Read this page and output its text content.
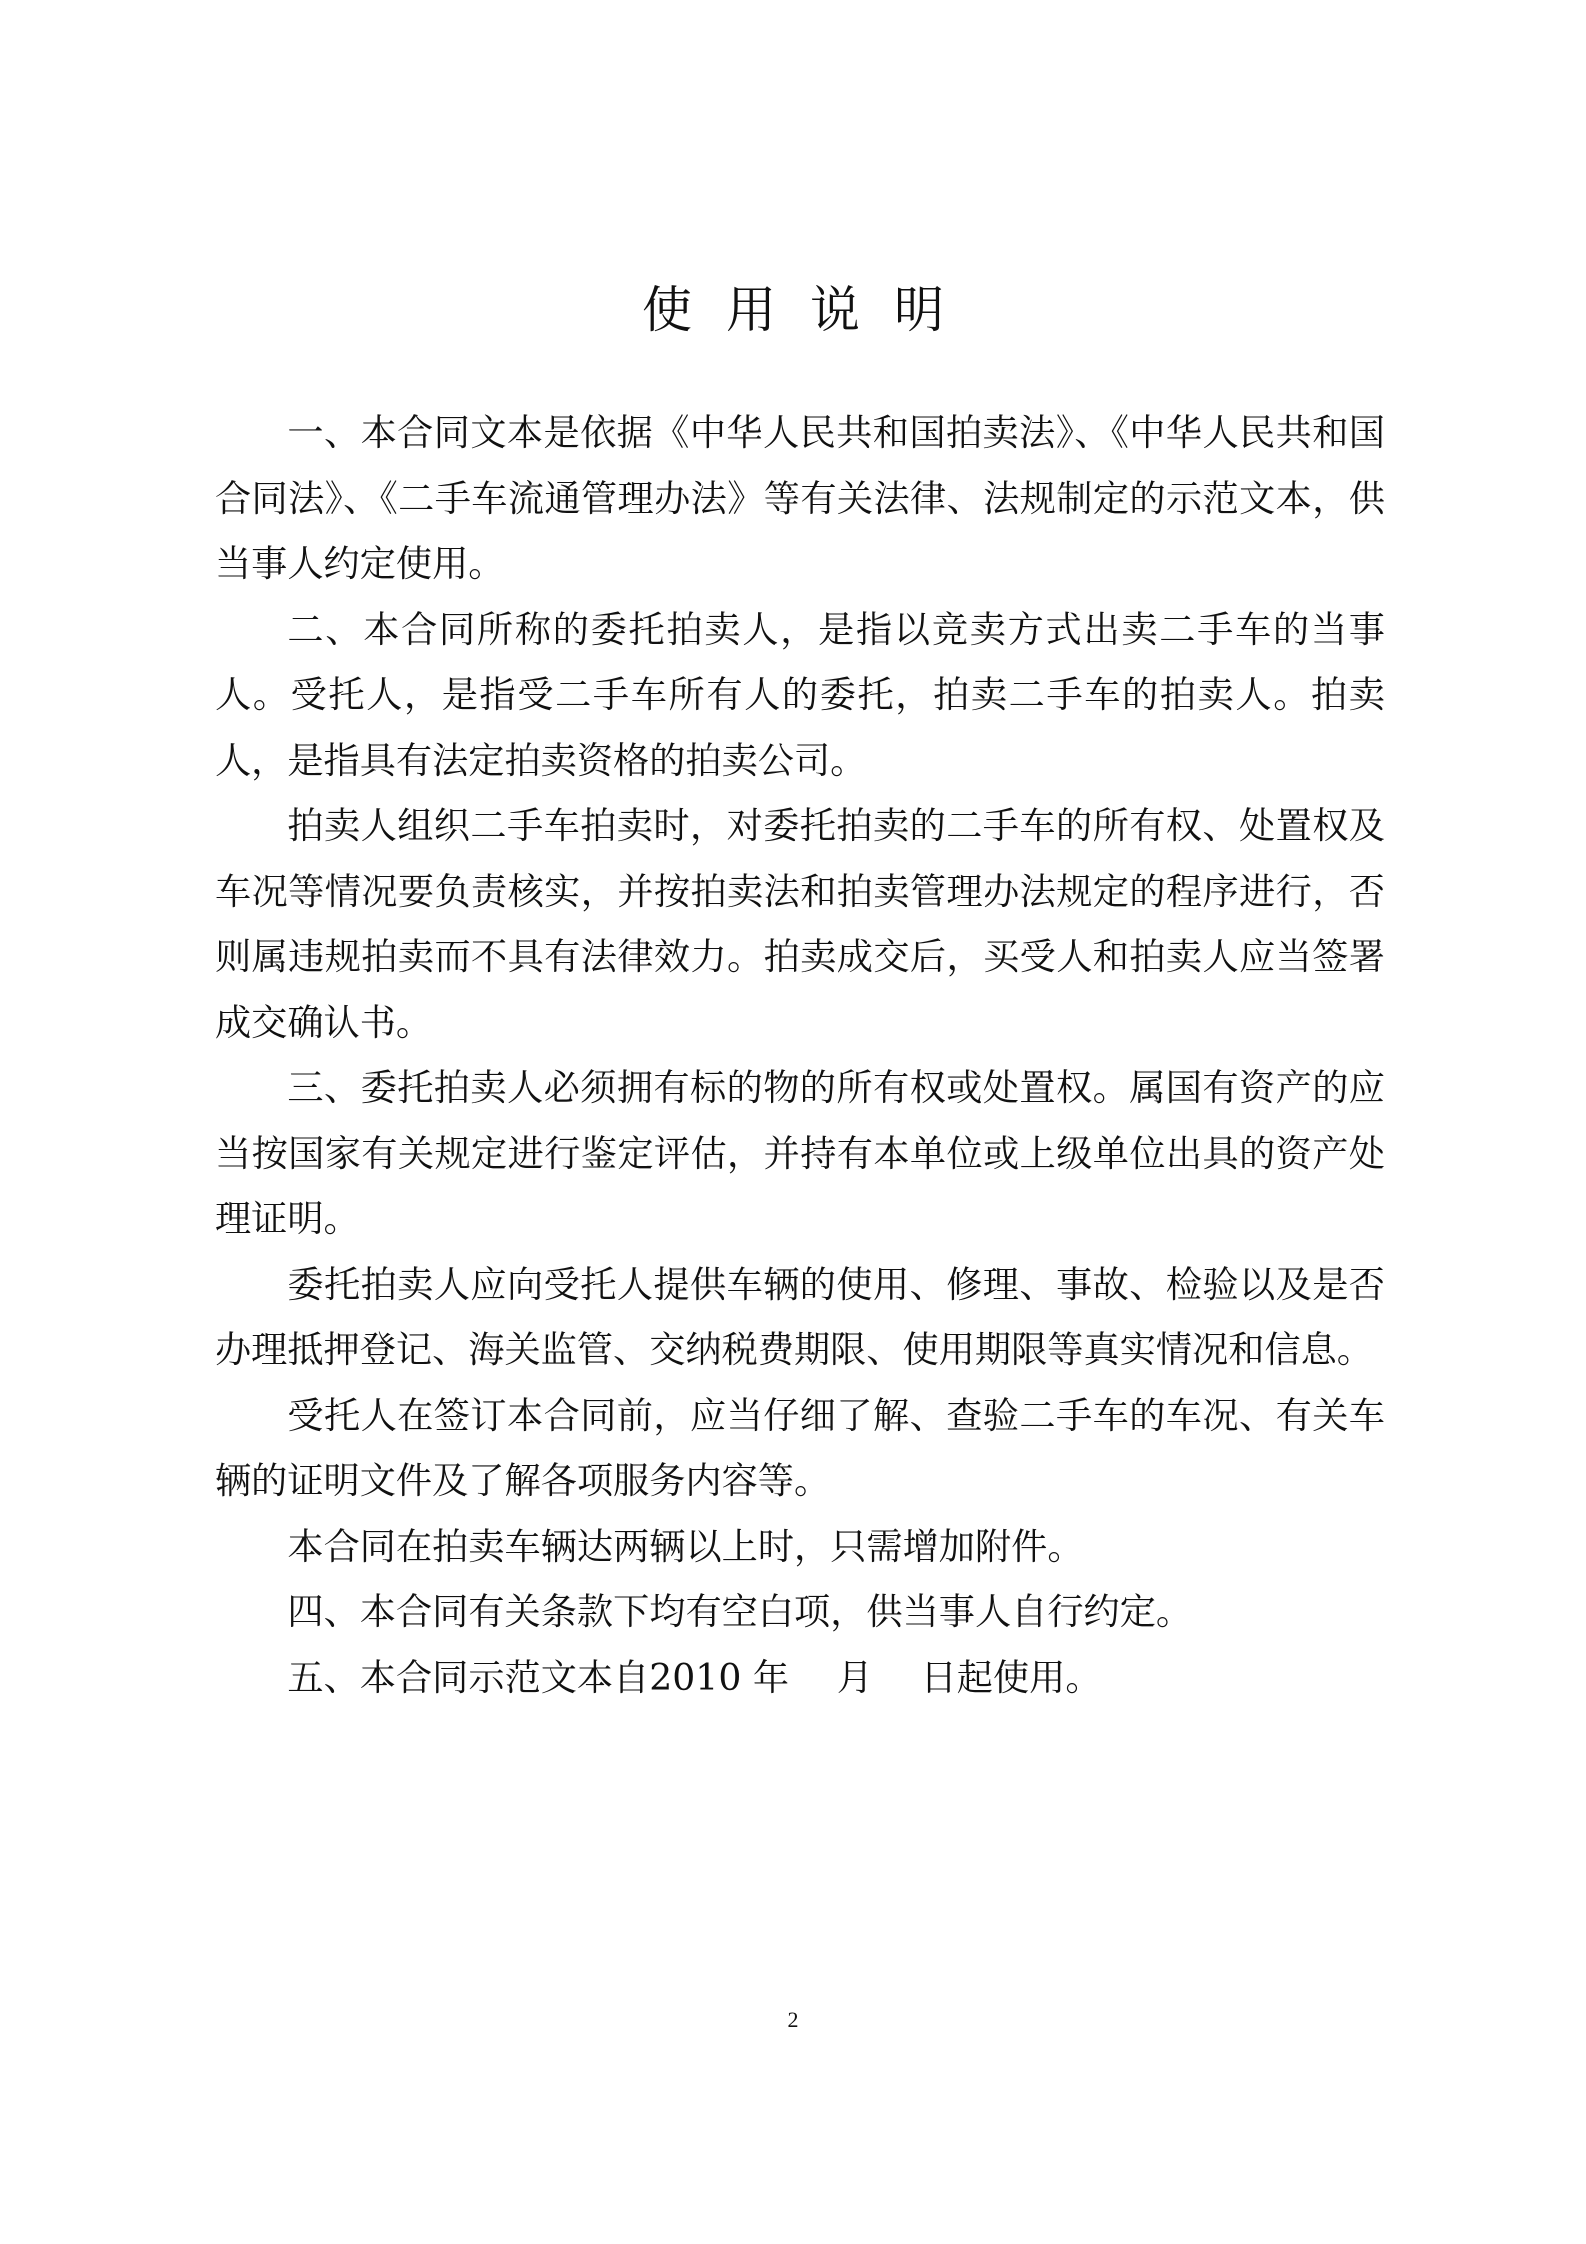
使用说明

一、本合同文本是依据《中华人民共和国拍卖法》、《中华人民共和国合同法》、《二手车流通管理办法》等有关法律、法规制定的示范文本，供当事人约定使用。

二、本合同所称的委托拍卖人，是指以竞卖方式出卖二手车的当事人。受托人，是指受二手车所有人的委托，拍卖二手车的拍卖人。拍卖人，是指具有法定拍卖资格的拍卖公司。

拍卖人组织二手车拍卖时，对委托拍卖的二手车的所有权、处置权及车况等情况要负责核实，并按拍卖法和拍卖管理办法规定的程序进行，否则属违规拍卖而不具有法律效力。拍卖成交后，买受人和拍卖人应当签署成交确认书。

三、委托拍卖人必须拥有标的物的所有权或处置权。属国有资产的应当按国家有关规定进行鉴定评估，并持有本单位或上级单位出具的资产处理证明。

委托拍卖人应向受托人提供车辆的使用、修理、事故、检验以及是否办理抵押登记、海关监管、交纳税费期限、使用期限等真实情况和信息。

受托人在签订本合同前，应当仔细了解、查验二手车的车况、有关车辆的证明文件及了解各项服务内容等。

本合同在拍卖车辆达两辆以上时，只需增加附件。

四、本合同有关条款下均有空白项，供当事人自行约定。

五、本合同示范文本自2010 年　 月　 日起使用。

2
